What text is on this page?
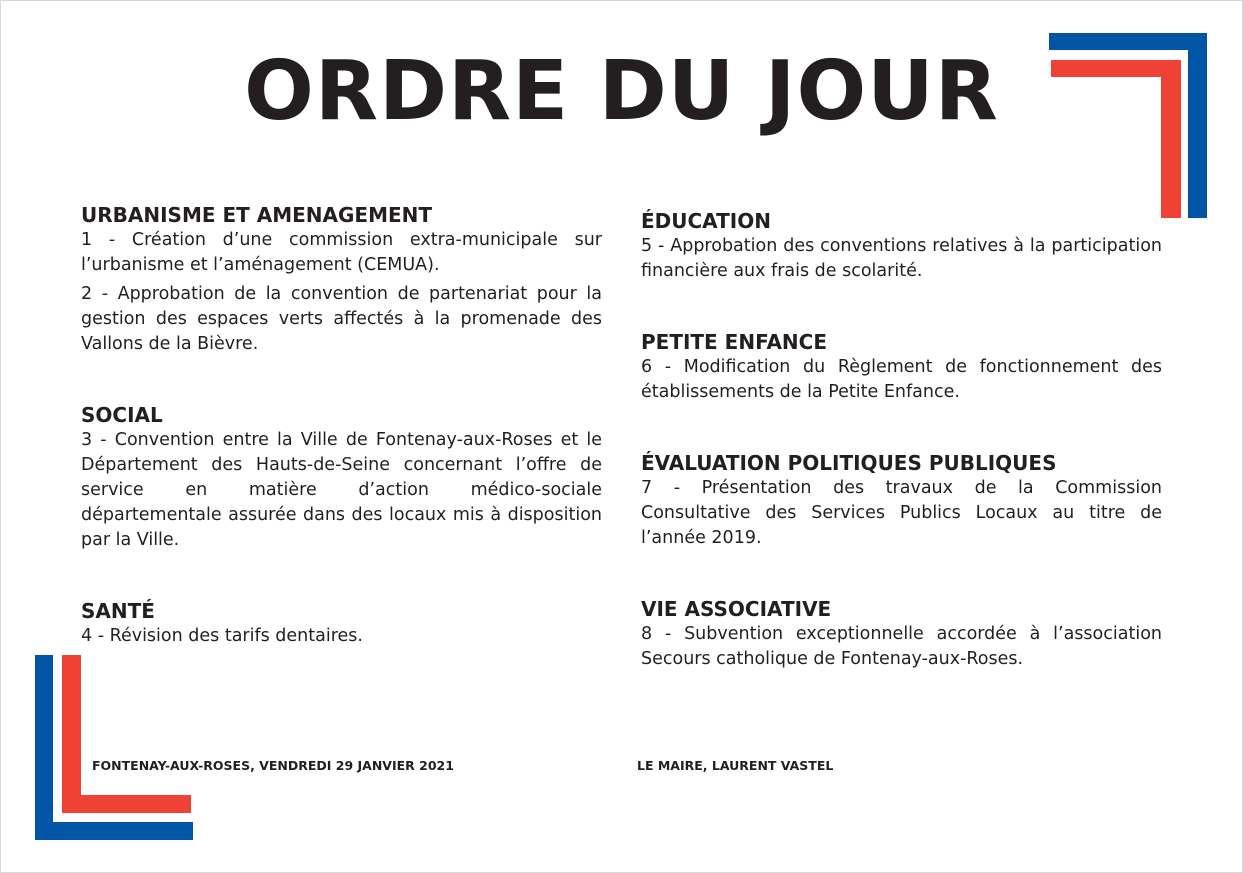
ORDRE DU JOUR
URBANISME ET AMENAGEMENT

1 - Création d’une commission extra-municipale sur l’urbanisme et l’aménagement (CEMUA).

2 - Approbation de la convention de partenariat pour la gestion des espaces verts affectés à la promenade des Vallons de la Bièvre.

SOCIAL

3 - Convention entre la Ville de Fontenay-aux-Roses et le Département des Hauts-de-Seine concernant l’offre de service en matière d’action médico-sociale départementale assurée dans des locaux mis à disposition par la Ville.

SANTÉ

4 - Révision des tarifs dentaires.

ÉDUCATION

5 - Approbation des conventions relatives à la participation financière aux frais de scolarité.

PETITE ENFANCE

6 - Modification du Règlement de fonctionnement des établissements de la Petite Enfance.

ÉVALUATION POLITIQUES PUBLIQUES

7 - Présentation des travaux de la Commission Consultative des Services Publics Locaux au titre de l’année 2019.

VIE ASSOCIATIVE

8 - Subvention exceptionnelle accordée à l’association Secours catholique de Fontenay-aux-Roses.

FONTENAY-AUX-ROSES, VENDREDI 29 JANVIER 2021	LE MAIRE, LAURENT VASTEL
